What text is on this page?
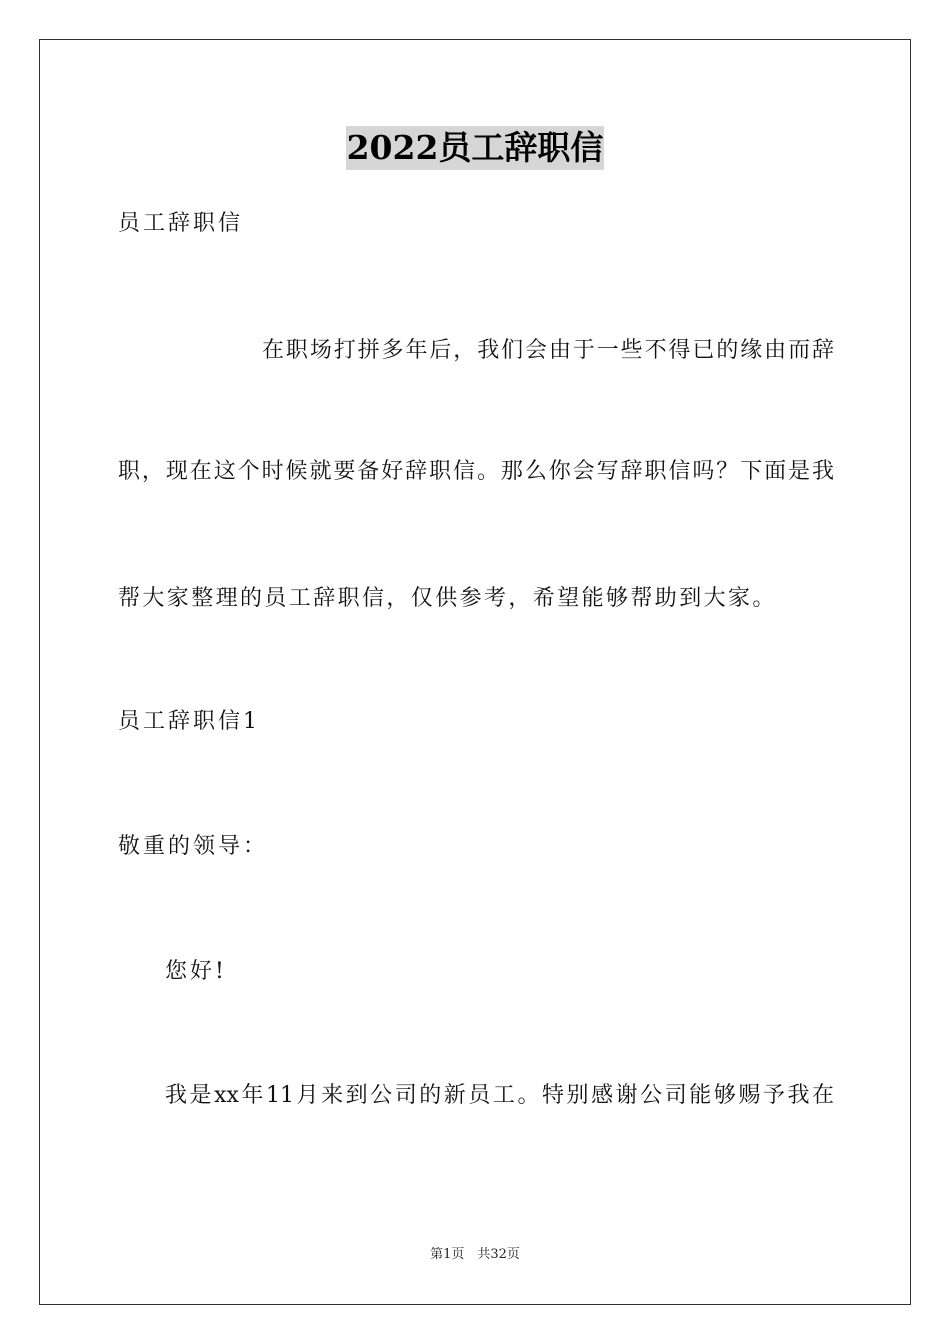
2022员工辞职信
员工辞职信
在职场打拼多年后，我们会由于一些不得已的缘由而辞
职，现在这个时候就要备好辞职信。那么你会写辞职信吗？下面是我
帮大家整理的员工辞职信，仅供参考，希望能够帮助到大家。
员工辞职信1
敬重的领导：
您好!
我是xx年11月来到公司的新员工。特别感谢公司能够赐予我在
第1页　共32页
